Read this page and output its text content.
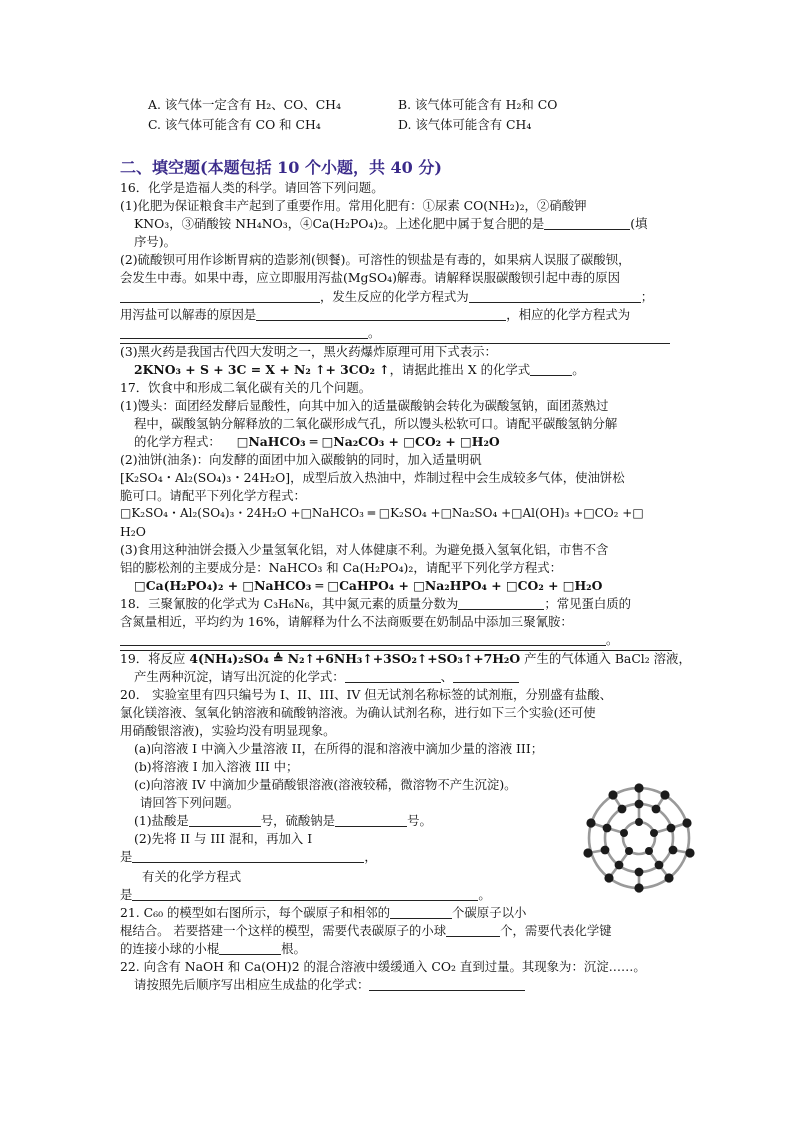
A. 该气体一定含有 H₂、CO、CH₄	B. 该气体可能含有 H₂和 CO
C. 该气体可能含有 CO 和 CH₄	D. 该气体可能含有 CH₄
二、填空题(本题包括 10 个小题，共 40 分)
16．化学是造福人类的科学。请回答下列问题。
(1)化肥为保证粮食丰产起到了重要作用。常用化肥有：①尿素 CO(NH₂)₂，②硝酸钾
KNO₃，③硝酸铵 NH₄NO₃，④Ca(H₂PO₄)₂。上述化肥中属于复合肥的是	(填
序号)。
(2)硫酸钡可用作诊断胃病的造影剂(钡餐)。可溶性的钡盐是有毒的，如果病人误服了碳酸钡，
会发生中毒。如果中毒，应立即服用泻盐(MgSO₄)解毒。请解释误服碳酸钡引起中毒的原因
，发生反应的化学方程式为	；
用泻盐可以解毒的原因是	，相应的化学方程式为
。
(3)黑火药是我国古代四大发明之一，黑火药爆炸原理可用下式表示：
2KNO₃ + S + 3C = X + N₂ ↑+ 3CO₂ ↑，请据此推出 X 的化学式	。
17．饮食中和形成二氧化碳有关的几个问题。
(1)馒头：面团经发酵后显酸性，向其中加入的适量碳酸钠会转化为碳酸氢钠，面团蒸熟过
程中，碳酸氢钠分解释放的二氧化碳形成气孔，所以馒头松软可口。请配平碳酸氢钠分解
的化学方程式： □NaHCO₃ ═ □Na₂CO₃ + □CO₂ + □H₂O
(2)油饼(油条)：向发酵的面团中加入碳酸钠的同时，加入适量明矾
[K₂SO₄・Al₂(SO₄)₃・24H₂O]，成型后放入热油中，炸制过程中会生成较多气体，使油饼松
脆可口。请配平下列化学方程式：
□K₂SO₄・Al₂(SO₄)₃・24H₂O +□NaHCO₃ ═ □K₂SO₄ +□Na₂SO₄ +□Al(OH)₃ +□CO₂ +□
H₂O
(3)食用这种油饼会摄入少量氢氧化铝，对人体健康不利。为避免摄入氢氧化铝，市售不含
铝的膨松剂的主要成分是：NaHCO₃ 和 Ca(H₂PO₄)₂，请配平下列化学方程式：
□Ca(H₂PO₄)₂ + □NaHCO₃ ═ □CaHPO₄ + □Na₂HPO₄ + □CO₂ + □H₂O
18．三聚氰胺的化学式为 C₃H₆N₆，其中氮元素的质量分数为	；常见蛋白质的
含氮量相近，平均约为 16%，请解释为什么不法商贩要在奶制品中添加三聚氰胺：
。
19．将反应 4(NH₄)₂SO₄ ≜ N₂↑+6NH₃↑+3SO₂↑+SO₃↑+7H₂O 产生的气体通入 BaCl₂ 溶液，
产生两种沉淀，请写出沉淀的化学式：	、
20． 实验室里有四只编号为 I、II、III、IV 但无试剂名称标签的试剂瓶，分别盛有盐酸、
氯化镁溶液、氢氧化钠溶液和硫酸钠溶液。为确认试剂名称，进行如下三个实验(还可使
用硝酸银溶液)，实验均没有明显现象。
(a)向溶液 I 中滴入少量溶液 II，在所得的混和溶液中滴加少量的溶液 III；
(b)将溶液 I 加入溶液 III 中；
(c)向溶液 IV 中滴加少量硝酸银溶液(溶液较稀，微溶物不产生沉淀)。
请回答下列问题。
(1)盐酸是	号，硫酸钠是	号。
(2)先将 II 与 III 混和，再加入 I
是	，
有关的化学方程式
是	。
21. C₆₀ 的模型如右图所示，每个碳原子和相邻的	个碳原子以小
棍结合。 若要搭建一个这样的模型，需要代表碳原子的小球	个，需要代表化学键
的连接小球的小棍	根。
22. 向含有 NaOH 和 Ca(OH)2 的混合溶液中缓缓通入 CO₂ 直到过量。其现象为：沉淀……。
请按照先后顺序写出相应生成盐的化学式：
